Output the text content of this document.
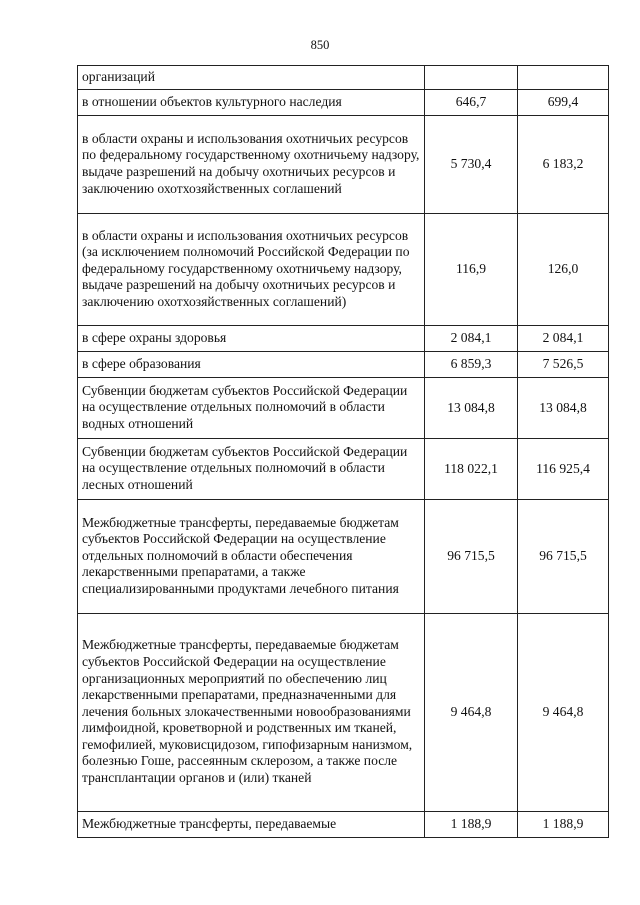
850
организаций		
в отношении объектов культурного наследия	646,7	699,4
в области охраны и использования охотничьих ресурсов по федеральному государственному охотничьему надзору, выдаче разрешений на добычу охотничьих ресурсов и заключению охотхозяйственных соглашений	5 730,4	6 183,2
в области охраны и использования охотничьих ресурсов (за исключением полномочий Российской Федерации по федеральному государственному охотничьему надзору, выдаче разрешений на добычу охотничьих ресурсов и заключению охотхозяйственных соглашений)	116,9	126,0
в сфере охраны здоровья	2 084,1	2 084,1
в сфере образования	6 859,3	7 526,5
Субвенции бюджетам субъектов Российской Федерации на осуществление отдельных полномочий в области водных отношений	13 084,8	13 084,8
Субвенции бюджетам субъектов Российской Федерации на осуществление отдельных полномочий в области лесных отношений	118 022,1	116 925,4
Межбюджетные трансферты, передаваемые бюджетам субъектов Российской Федерации на осуществление отдельных полномочий в области обеспечения лекарственными препаратами, а также специализированными продуктами лечебного питания	96 715,5	96 715,5
Межбюджетные трансферты, передаваемые бюджетам субъектов Российской Федерации на осуществление организационных мероприятий по обеспечению лиц лекарственными препаратами, предназначенными для лечения больных злокачественными новообразованиями лимфоидной, кроветворной и родственных им тканей, гемофилией, муковисцидозом, гипофизарным нанизмом, болезнью Гоше, рассеянным склерозом, а также после трансплантации органов и (или) тканей	9 464,8	9 464,8
Межбюджетные трансферты, передаваемые	1 188,9	1 188,9
